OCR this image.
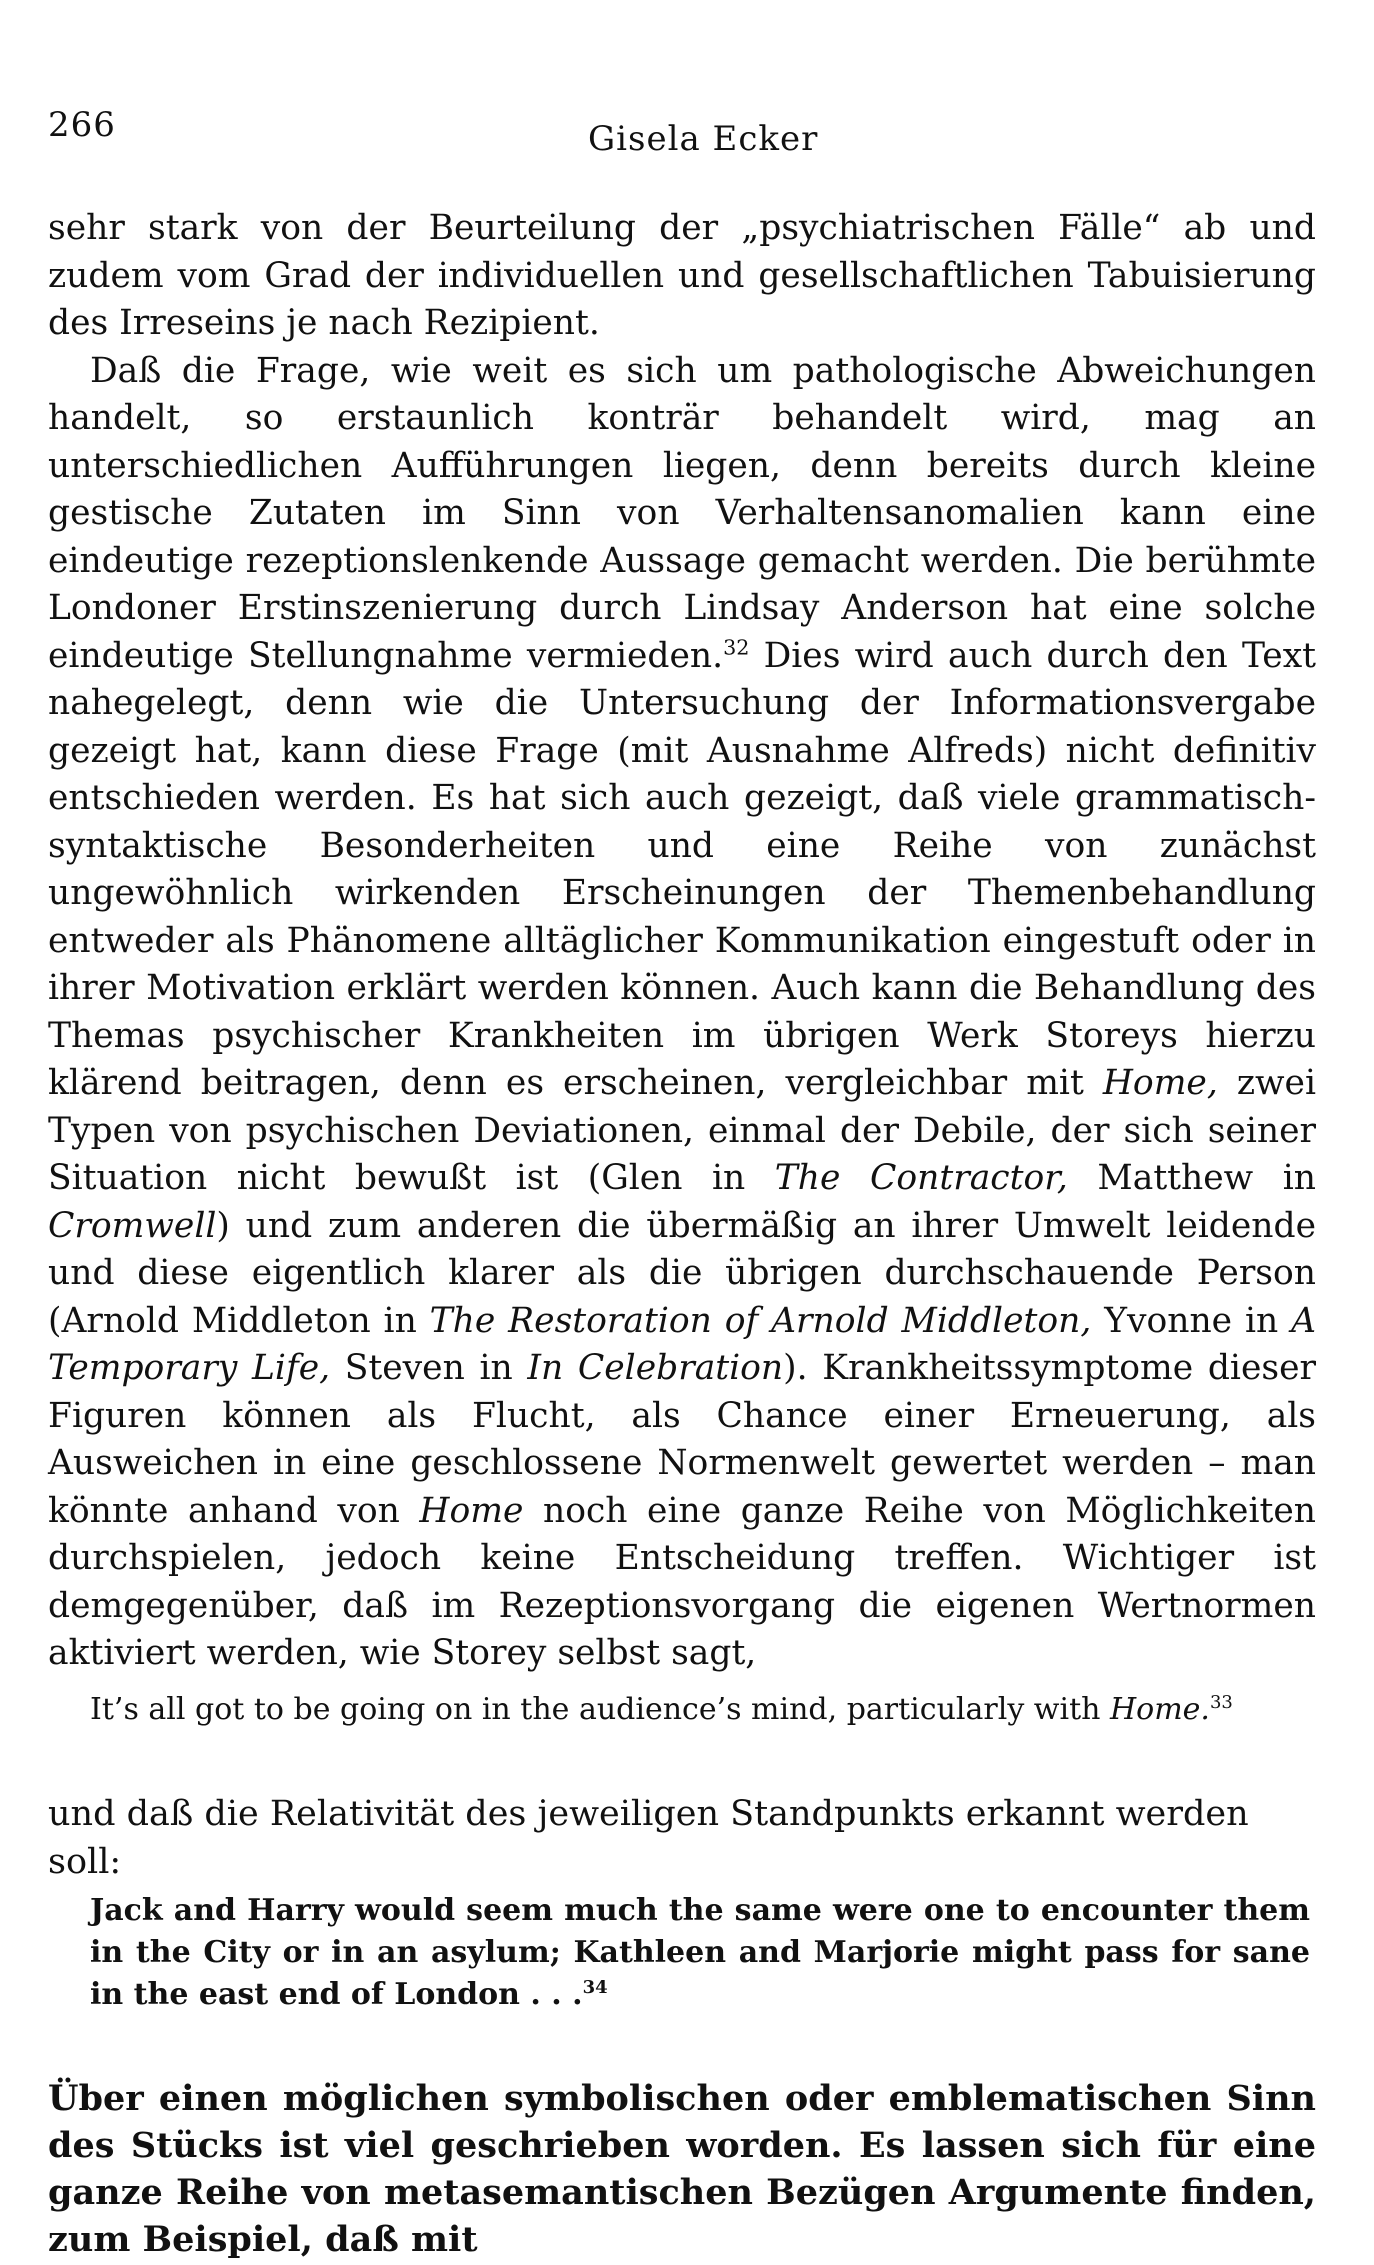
266	Gisela Ecker

sehr stark von der Beurteilung der „psychiatrischen Fälle“ ab und zudem vom Grad der individuellen und gesellschaftlichen Tabuisierung des Irreseins je nach Rezipient.

Daß die Frage, wie weit es sich um pathologische Abweichungen handelt, so erstaunlich konträr behandelt wird, mag an unterschiedlichen Aufführungen liegen, denn bereits durch kleine gestische Zutaten im Sinn von Verhaltensanomalien kann eine eindeutige rezeptionslenkende Aussage gemacht werden. Die berühmte Londoner Erstinszenierung durch Lindsay Anderson hat eine solche eindeutige Stellungnahme vermieden.$^{32}$ Dies wird auch durch den Text nahegelegt, denn wie die Untersuchung der Informationsvergabe gezeigt hat, kann diese Frage (mit Ausnahme Alfreds) nicht definitiv entschieden werden. Es hat sich auch gezeigt, daß viele grammatisch-syntaktische Besonderheiten und eine Reihe von zunächst ungewöhnlich wirkenden Erscheinungen der Themenbehandlung entweder als Phänomene alltäglicher Kommunikation eingestuft oder in ihrer Motivation erklärt werden können. Auch kann die Behandlung des Themas psychischer Krankheiten im übrigen Werk Storeys hierzu klärend beitragen, denn es erscheinen, vergleichbar mit Home, zwei Typen von psychischen Deviationen, einmal der Debile, der sich seiner Situation nicht bewußt ist (Glen in The Contractor, Matthew in Cromwell) und zum anderen die übermäßig an ihrer Umwelt leidende und diese eigentlich klarer als die übrigen durchschauende Person (Arnold Middleton in The Restoration of Arnold Middleton, Yvonne in A Temporary Life, Steven in In Celebration). Krankheitssymptome dieser Figuren können als Flucht, als Chance einer Erneuerung, als Ausweichen in eine geschlossene Normenwelt gewertet werden – man könnte anhand von Home noch eine ganze Reihe von Möglichkeiten durchspielen, jedoch keine Entscheidung treffen. Wichtiger ist demgegenüber, daß im Rezeptionsvorgang die eigenen Wertnormen aktiviert werden, wie Storey selbst sagt,

It’s all got to be going on in the audience’s mind, particularly with Home.$^{33}$
und daß die Relativität des jeweiligen Standpunkts erkannt werden soll:
Jack and Harry would seem much the same were one to encounter them in the City or in an asylum; Kathleen and Marjorie might pass for sane in the east end of London . . .$^{34}$
Über einen möglichen symbolischen oder emblematischen Sinn des Stücks ist viel geschrieben worden. Es lassen sich für eine ganze Reihe von metasemantischen Bezügen Argumente finden, zum Beispiel, daß mit
